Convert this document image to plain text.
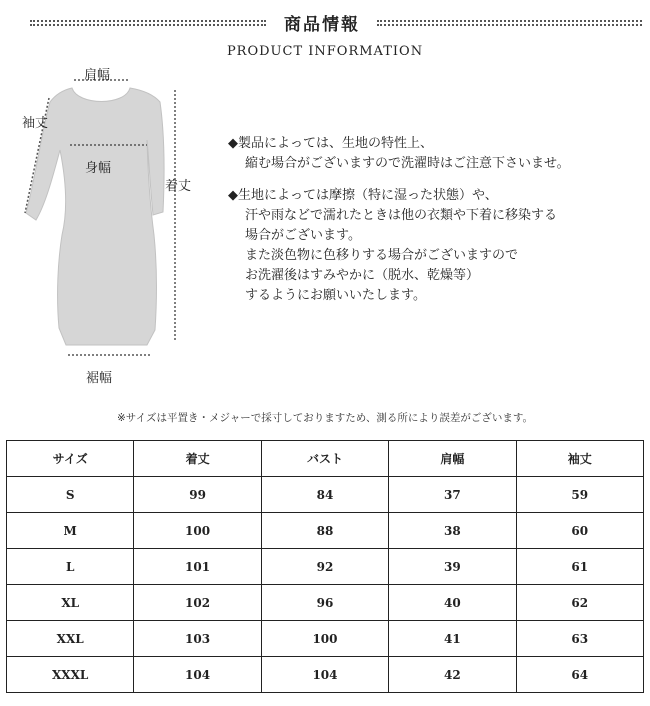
商品情報
PRODUCT INFORMATION
肩幅
袖丈
身幅
着丈
裾幅

◆製品によっては、生地の特性上、

縮む場合がございますので洗濯時はご注意下さいませ。

◆生地によっては摩擦（特に湿った状態）や、

汗や雨などで濡れたときは他の衣類や下着に移染する

場合がございます。

また淡色物に色移りする場合がございますので

お洗濯後はすみやかに（脱水、乾燥等）

するようにお願いいたします。

※サイズは平置き・メジャーで採寸しておりますため、測る所により誤差がございます。
サイズ	着丈	バスト	肩幅	袖丈
S	99	84	37	59
M	100	88	38	60
L	101	92	39	61
XL	102	96	40	62
XXL	103	100	41	63
XXXL	104	104	42	64
